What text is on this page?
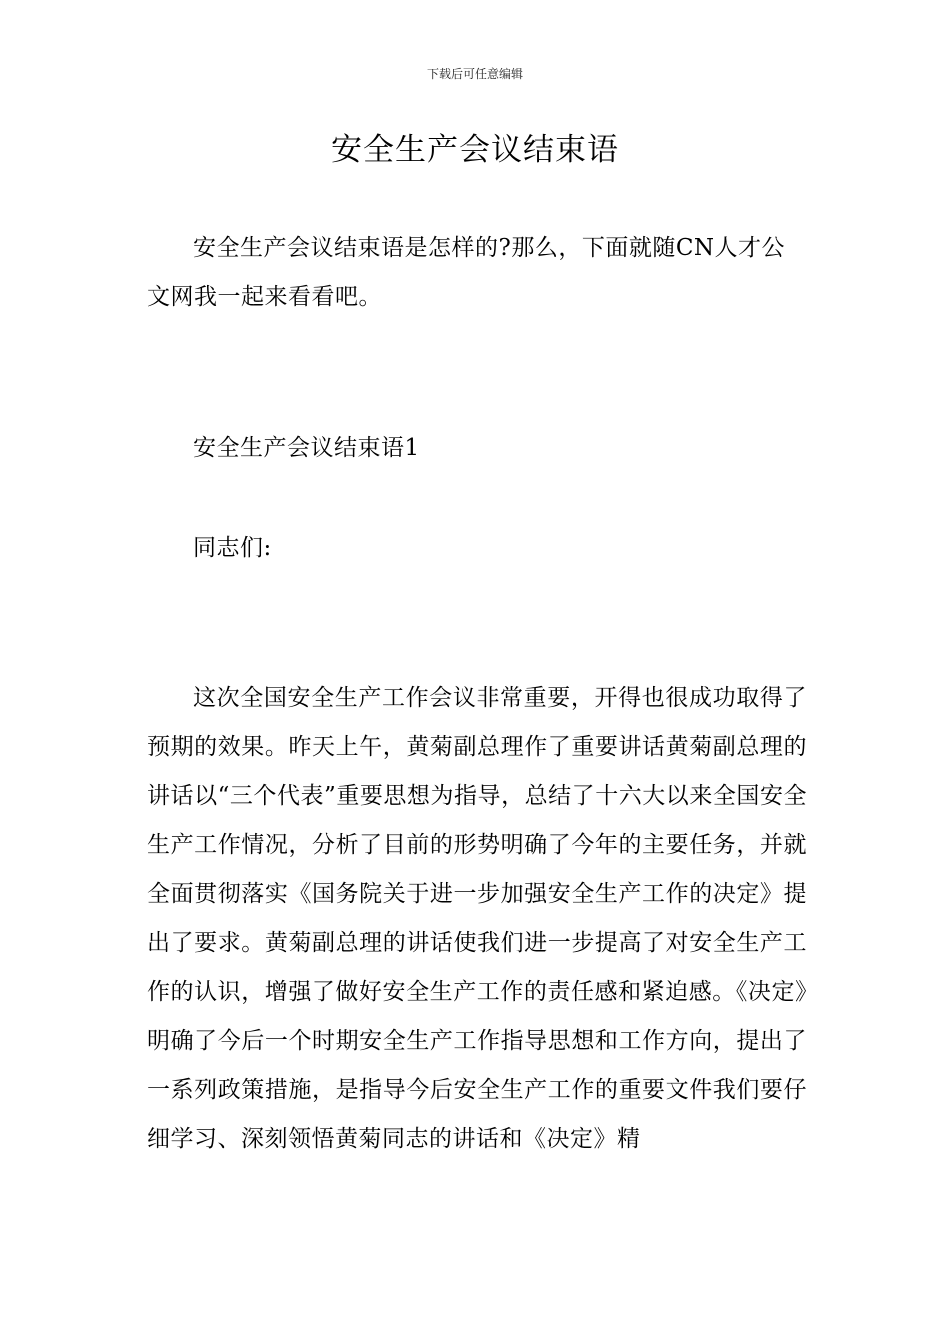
下载后可任意编辑
安全生产会议结束语

安全生产会议结束语是怎样的?那么，下面就随CN人才公文网我一起来看看吧。

安全生产会议结束语1

同志们:

这次全国安全生产工作会议非常重要，开得也很成功取得了预期的效果。昨天上午，黄菊副总理作了重要讲话黄菊副总理的讲话以“三个代表”重要思想为指导，总结了十六大以来全国安全生产工作情况，分析了目前的形势明确了今年的主要任务，并就全面贯彻落实《国务院关于进一步加强安全生产工作的决定》提出了要求。黄菊副总理的讲话使我们进一步提高了对安全生产工作的认识，增强了做好安全生产工作的责任感和紧迫感。《决定》明确了今后一个时期安全生产工作指导思想和工作方向，提出了一系列政策措施，是指导今后安全生产工作的重要文件我们要仔细学习、深刻领悟黄菊同志的讲话和《决定》精
